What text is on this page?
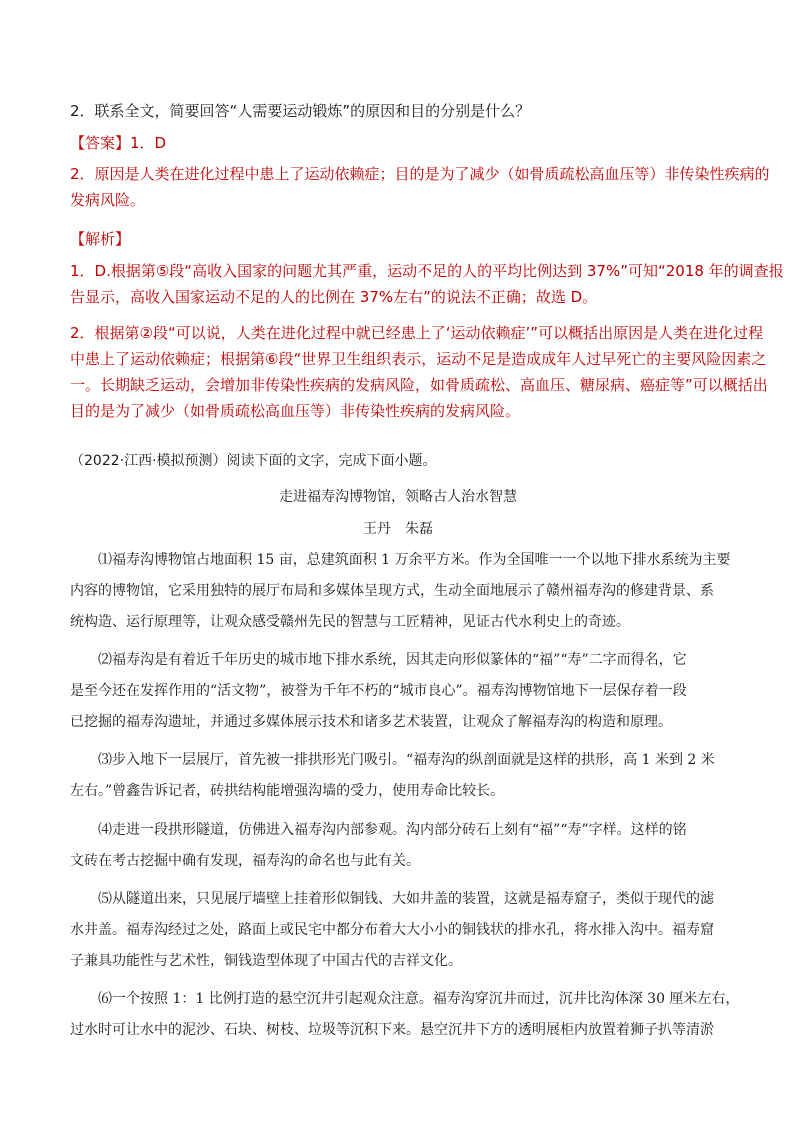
2．联系全文，简要回答“人需要运动锻炼”的原因和目的分别是什么？

【答案】1．D

2．原因是人类在进化过程中患上了运动依赖症；目的是为了减少（如骨质疏松高血压等）非传染性疾病的
发病风险。

【解析】

1．D.根据第⑤段“高收入国家的问题尤其严重，运动不足的人的平均比例达到 37%”可知“2018 年的调查报
告显示，高收入国家运动不足的人的比例在 37%左右”的说法不正确；故选 D。

2．根据第②段“可以说，人类在进化过程中就已经患上了‘运动依赖症’”可以概括出原因是人类在进化过程
中患上了运动依赖症；根据第⑥段“世界卫生组织表示，运动不足是造成成年人过早死亡的主要风险因素之
一。长期缺乏运动，会增加非传染性疾病的发病风险，如骨质疏松、高血压、糖尿病、癌症等”可以概括出
目的是为了减少（如骨质疏松高血压等）非传染性疾病的发病风险。

（2022·江西·模拟预测）阅读下面的文字，完成下面小题。

走进福寿沟博物馆，领略古人治水智慧

王丹　朱磊

⑴福寿沟博物馆占地面积 15 亩，总建筑面积 1 万余平方米。作为全国唯一一个以地下排水系统为主要
内容的博物馆，它采用独特的展厅布局和多媒体呈现方式，生动全面地展示了赣州福寿沟的修建背景、系
统构造、运行原理等，让观众感受赣州先民的智慧与工匠精神，见证古代水利史上的奇迹。

⑵福寿沟是有着近千年历史的城市地下排水系统，因其走向形似篆体的“福”“寿”二字而得名，它
是至今还在发挥作用的“活文物”，被誉为千年不朽的“城市良心”。福寿沟博物馆地下一层保存着一段
已挖掘的福寿沟遗址，并通过多媒体展示技术和诸多艺术装置，让观众了解福寿沟的构造和原理。

⑶步入地下一层展厅，首先被一排拱形光门吸引。“福寿沟的纵剖面就是这样的拱形，高 1 米到 2 米
左右。”曾鑫告诉记者，砖拱结构能增强沟墙的受力，使用寿命比较长。

⑷走进一段拱形隧道，仿佛进入福寿沟内部参观。沟内部分砖石上刻有“福”“寿”字样。这样的铭
文砖在考古挖掘中确有发现，福寿沟的命名也与此有关。

⑸从隧道出来，只见展厅墙壁上挂着形似铜钱、大如井盖的装置，这就是福寿窟子，类似于现代的滤
水井盖。福寿沟经过之处，路面上或民宅中都分布着大大小小的铜钱状的排水孔，将水排入沟中。福寿窟
子兼具功能性与艺术性，铜钱造型体现了中国古代的吉祥文化。

⑹一个按照 1：1 比例打造的悬空沉井引起观众注意。福寿沟穿沉井而过，沉井比沟体深 30 厘米左右，
过水时可让水中的泥沙、石块、树枝、垃圾等沉积下来。悬空沉井下方的透明展柜内放置着狮子扒等清淤
